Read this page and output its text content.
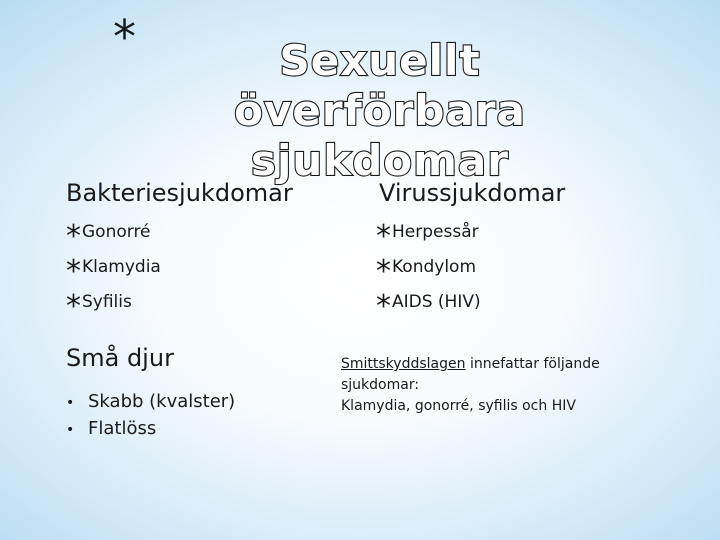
*	Sexuellt överförbara sjukdomar
Bakteriesjukdomar
*Gonorré
*Klamydia
*Syfilis
Virussjukdomar
*Herpessår
*Kondylom
*AIDS (HIV)
Små djur
• Skabb (kvalster)
• Flatlöss
Smittskyddslagen innefattar följande
sjukdomar:
Klamydia, gonorré, syfilis och HIV
